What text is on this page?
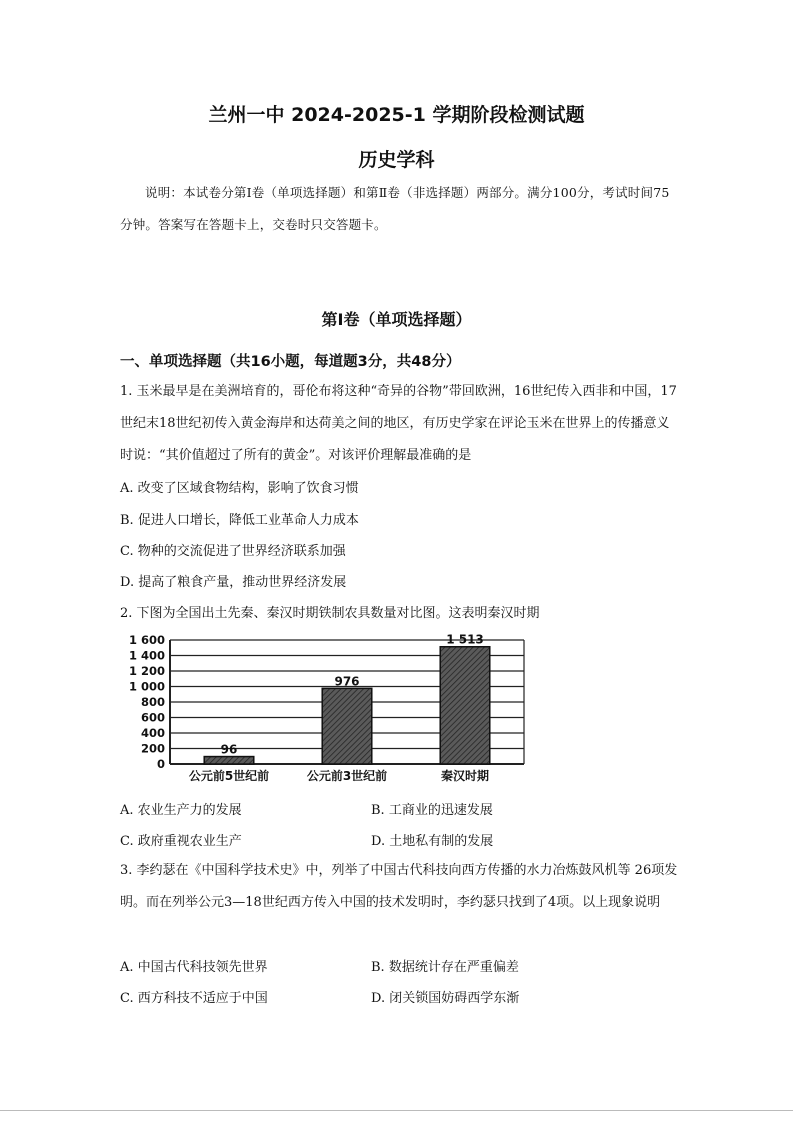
兰州一中 2024-2025-1 学期阶段检测试题
历史学科
说明：本试卷分第Ⅰ卷（单项选择题）和第Ⅱ卷（非选择题）两部分。满分100分，考试时间75分钟。答案写在答题卡上，交卷时只交答题卡。
第Ⅰ卷（单项选择题）
一、单项选择题（共16小题，每道题3分，共48分）
1. 玉米最早是在美洲培育的，哥伦布将这种“奇异的谷物”带回欧洲，16世纪传入西非和中国，17世纪末18世纪初传入黄金海岸和达荷美之间的地区，有历史学家在评论玉米在世界上的传播意义时说：“其价值超过了所有的黄金”。对该评价理解最准确的是
A. 改变了区域食物结构，影响了饮食习惯
B. 促进人口增长，降低工业革命人力成本
C. 物种的交流促进了世界经济联系加强
D. 提高了粮食产量，推动世界经济发展
2. 下图为全国出土先秦、秦汉时期铁制农具数量对比图。这表明秦汉时期
0
200
400
600
800
1 000
1 200
1 400
1 600
96
976
1 513
公元前5世纪前	公元前3世纪前	秦汉时期
A. 农业生产力的发展	B. 工商业的迅速发展
C. 政府重视农业生产	D. 土地私有制的发展
3. 李约瑟在《中国科学技术史》中，列举了中国古代科技向西方传播的水力冶炼鼓风机等 26项发明。而在列举公元3—18世纪西方传入中国的技术发明时，李约瑟只找到了4项。以上现象说明
A. 中国古代科技领先世界	B. 数据统计存在严重偏差
C. 西方科技不适应于中国	D. 闭关锁国妨碍西学东渐
